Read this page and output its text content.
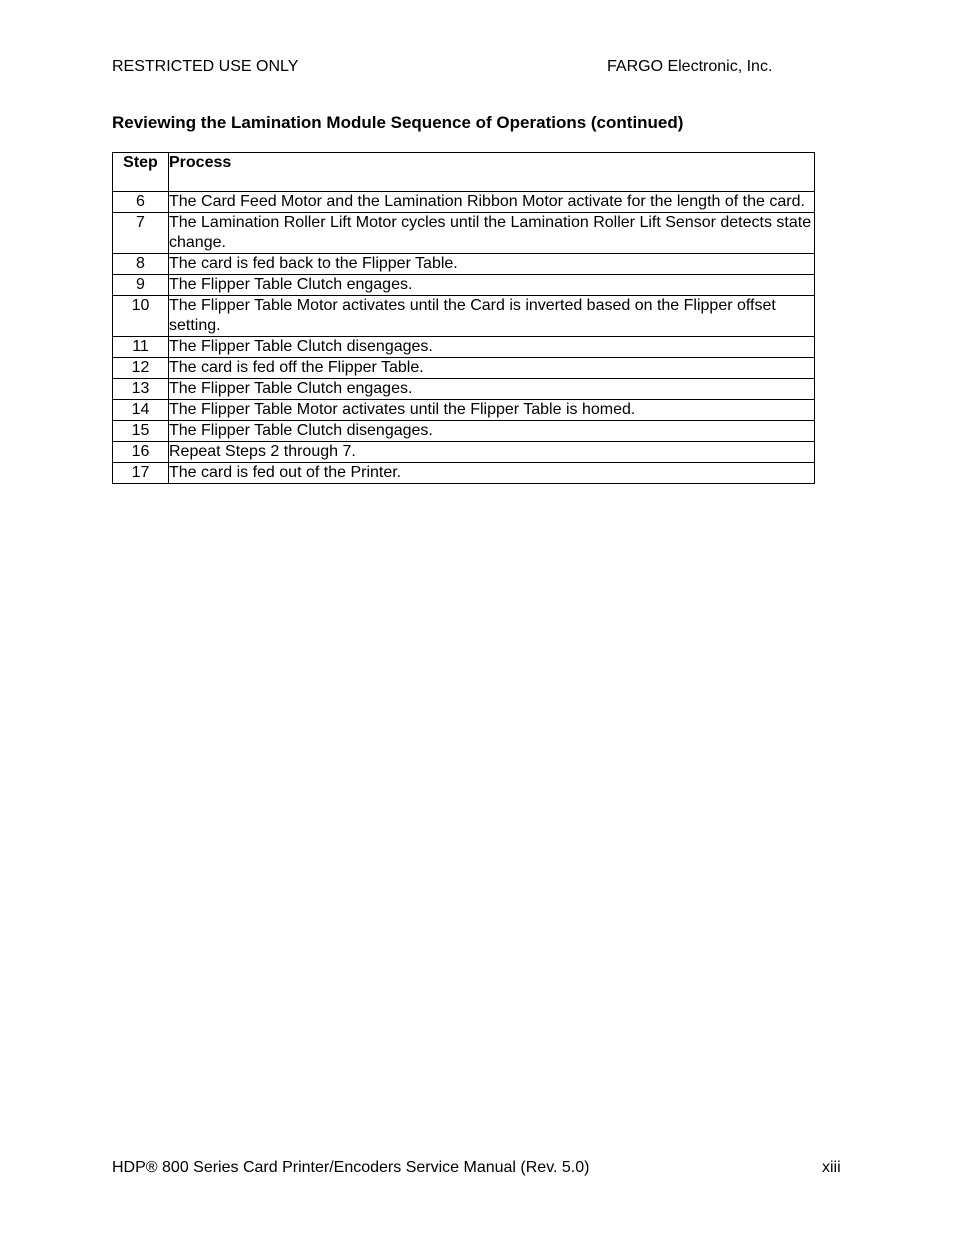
RESTRICTED USE ONLY	FARGO Electronic, Inc.
Reviewing the Lamination Module Sequence of Operations (continued)
Step	Process
6	The Card Feed Motor and the Lamination Ribbon Motor activate for the length of the card.
7	The Lamination Roller Lift Motor cycles until the Lamination Roller Lift Sensor detects state change.
8	The card is fed back to the Flipper Table.
9	The Flipper Table Clutch engages.
10	The Flipper Table Motor activates until the Card is inverted based on the Flipper offset setting.
11	The Flipper Table Clutch disengages.
12	The card is fed off the Flipper Table.
13	The Flipper Table Clutch engages.
14	The Flipper Table Motor activates until the Flipper Table is homed.
15	The Flipper Table Clutch disengages.
16	Repeat Steps 2 through 7.
17	The card is fed out of the Printer.
HDP® 800 Series Card Printer/Encoders Service Manual (Rev. 5.0)	xiii
